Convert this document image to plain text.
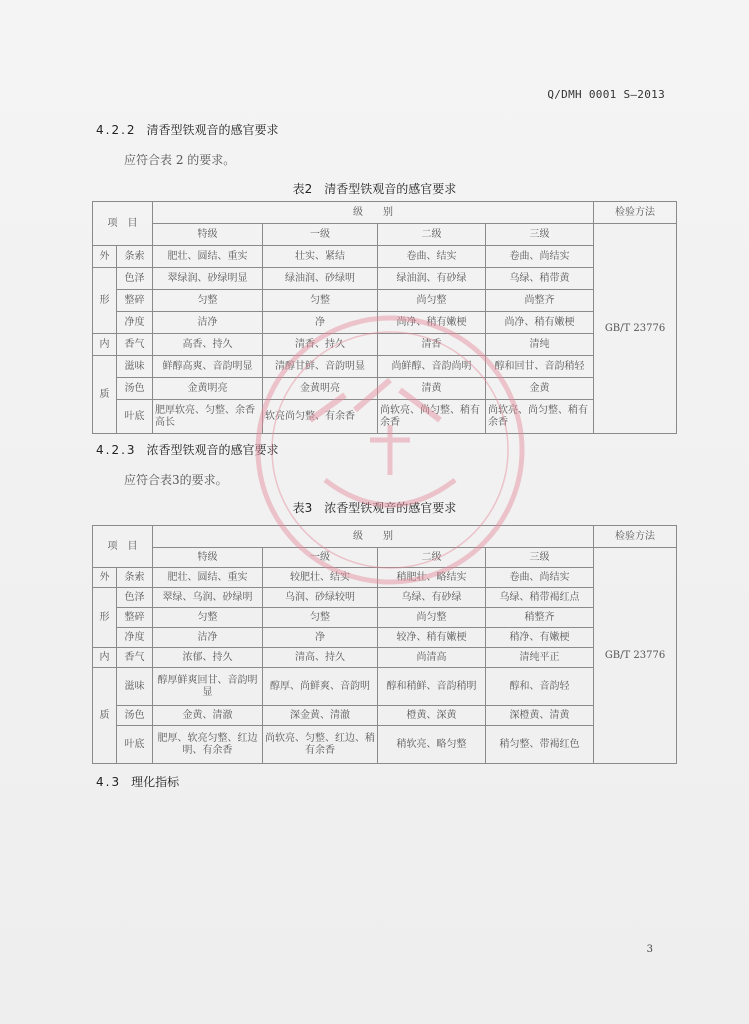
Q/DMH 0001 S—2013
4.2.2 清香型铁观音的感官要求
应符合表 2 的要求。
表2　清香型铁观音的感官要求
项　目		级　　别				检验方法
		特级	一级	二级	三级	GB/T 23776
外	条索	肥壮、圆结、重实	壮实、紧结	卷曲、结实	卷曲、尚结实	
形	色泽	翠绿润、砂绿明显	绿油润、砂绿明	绿油润、有砂绿	乌绿、稍带黄	
	整碎	匀整	匀整	尚匀整	尚整齐	
	净度	洁净	净	尚净、稍有嫩梗	尚净、稍有嫩梗	
内	香气	高香、持久	清香、持久	清香	清纯	
质	滋味	鲜醇高爽、音韵明显	清醇甘鲜、音韵明显	尚鲜醇、音韵尚明	醇和回甘、音韵稍轻	
	汤色	金黄明亮	金黄明亮	清黄	金黄	
	叶底	肥厚软亮、匀整、余香高长	软亮尚匀整、有余香	尚软亮、尚匀整、稍有余香	尚软亮、尚匀整、稍有余香	
4.2.3 浓香型铁观音的感官要求
应符合表3的要求。
表3　浓香型铁观音的感官要求
项　目		级　　别				检验方法
		特级	一级	二级	三级	GB/T 23776
外	条索	肥壮、圆结、重实	较肥壮、结实	稍肥壮、略结实	卷曲、尚结实	
形	色泽	翠绿、乌润、砂绿明	乌润、砂绿较明	乌绿、有砂绿	乌绿、稍带褐红点	
	整碎	匀整	匀整	尚匀整	稍整齐	
	净度	洁净	净	较净、稍有嫩梗	稍净、有嫩梗	
内	香气	浓郁、持久	清高、持久	尚清高	清纯平正	
质	滋味	醇厚鲜爽回甘、音韵明显	醇厚、尚鲜爽、音韵明	醇和稍鲜、音韵稍明	醇和、音韵轻	
	汤色	金黄、清澈	深金黄、清澈	橙黄、深黄	深橙黄、清黄	
	叶底	肥厚、软亮匀整、红边明、有余香	尚软亮、匀整、红边、稍有余香	稍软亮、略匀整	稍匀整、带褐红色	
4.3 理化指标
3
